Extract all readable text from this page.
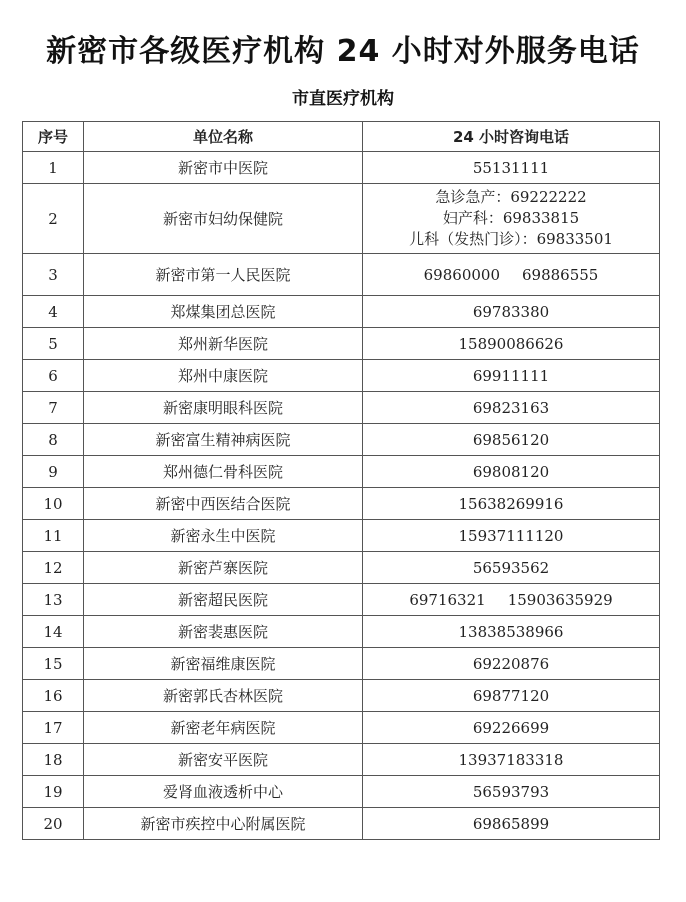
新密市各级医疗机构 24 小时对外服务电话
市直医疗机构
序号	单位名称	24 小时咨询电话
1	新密市中医院	55131111
2	新密市妇幼保健院	急诊急产：69222222
妇产科：69833815
儿科（发热门诊）：69833501

3	新密市第一人民医院	69860000 69886555
4	郑煤集团总医院	69783380
5	郑州新华医院	15890086626
6	郑州中康医院	69911111
7	新密康明眼科医院	69823163
8	新密富生精神病医院	69856120
9	郑州德仁骨科医院	69808120
10	新密中西医结合医院	15638269916
11	新密永生中医院	15937111120
12	新密芦寨医院	56593562
13	新密超民医院	69716321 15903635929
14	新密裴惠医院	13838538966
15	新密福维康医院	69220876
16	新密郭氏杏林医院	69877120
17	新密老年病医院	69226699
18	新密安平医院	13937183318
19	爱肾血液透析中心	56593793
20	新密市疾控中心附属医院	69865899
